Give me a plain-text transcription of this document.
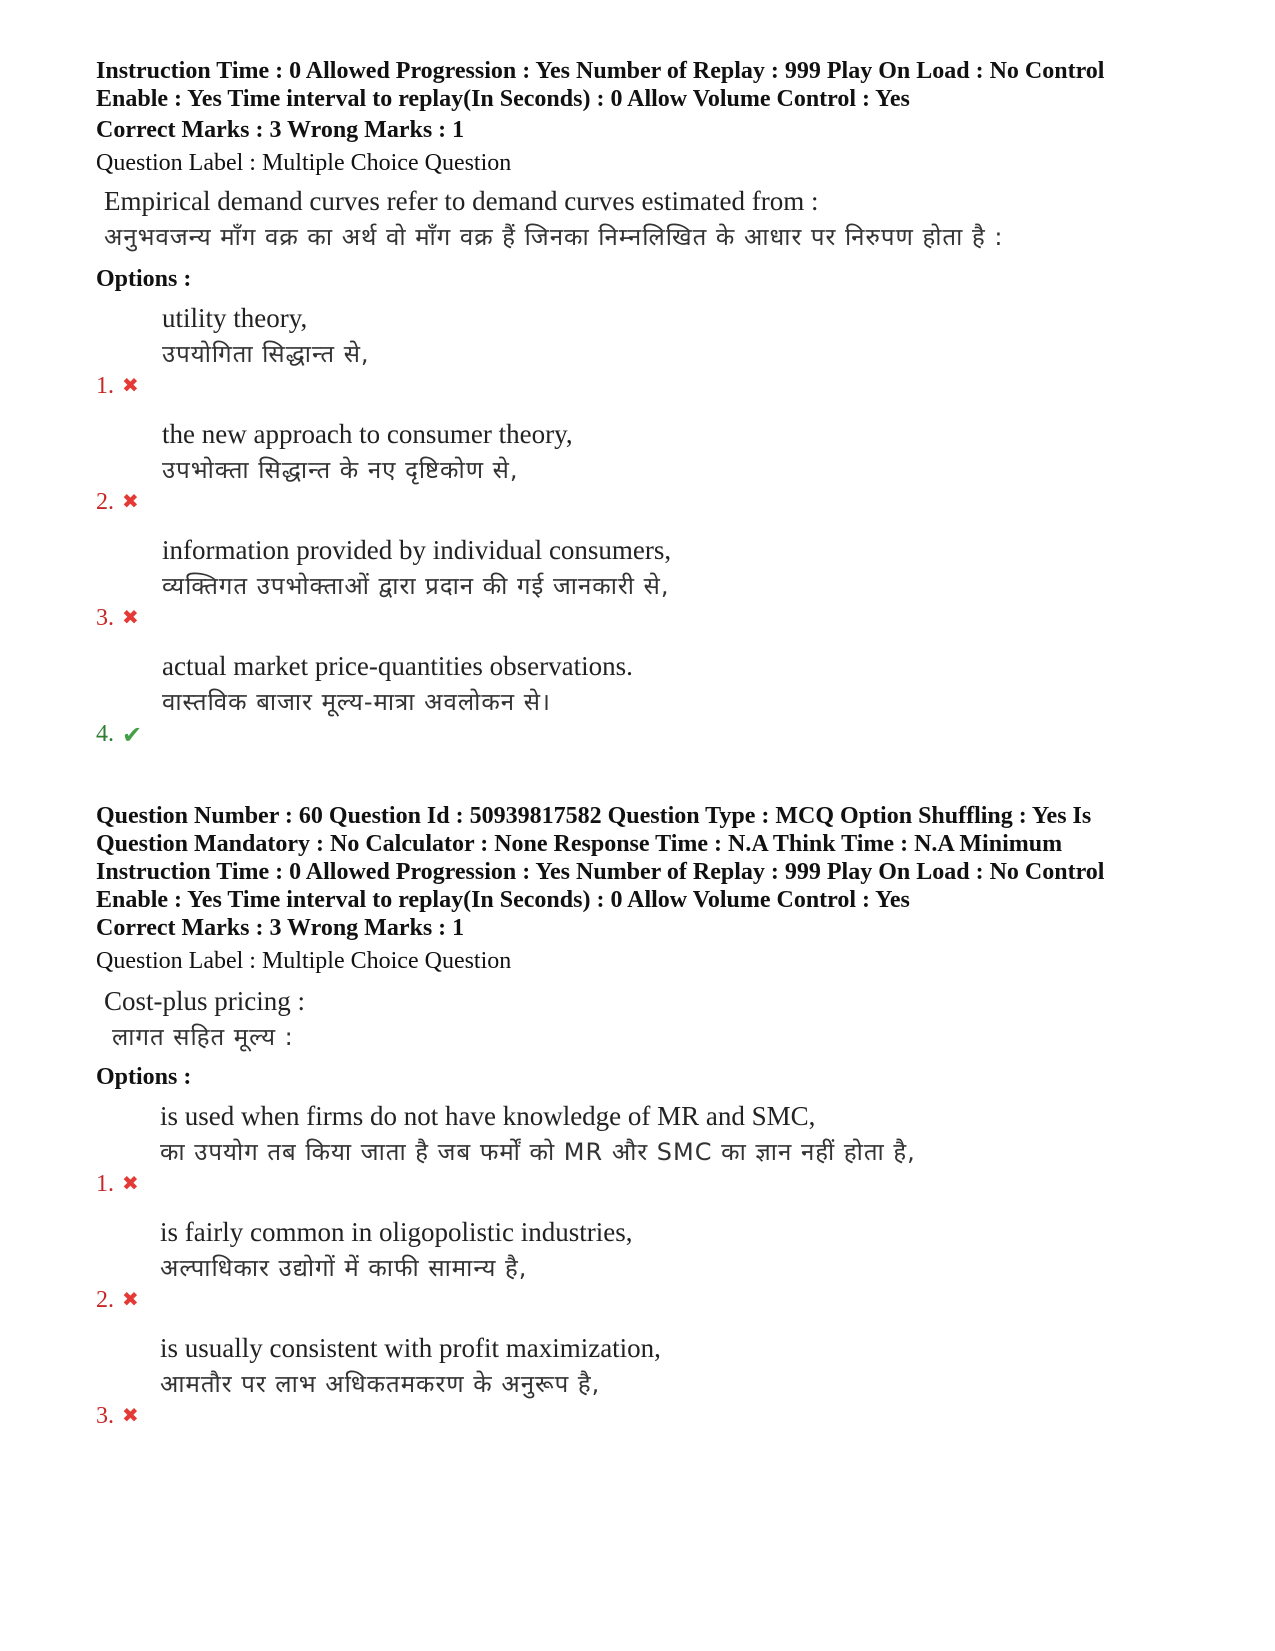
Instruction Time : 0 Allowed Progression : Yes Number of Replay : 999 Play On Load : No Control
Enable : Yes Time interval to replay(In Seconds) : 0 Allow Volume Control : Yes
Correct Marks : 3 Wrong Marks : 1
Question Label : Multiple Choice Question
Empirical demand curves refer to demand curves estimated from :
अनुभवजन्य माँग वक्र का अर्थ वो माँग वक्र हैं जिनका निम्नलिखित के आधार पर निरुपण होता है :
Options :
1. ✖
utility theory,
उपयोगिता सिद्धान्त से,
2. ✖
the new approach to consumer theory,
उपभोक्ता सिद्धान्त के नए दृष्टिकोण से,
3. ✖
information provided by individual consumers,
व्यक्तिगत उपभोक्ताओं द्वारा प्रदान की गई जानकारी से,
4. ✔
actual market price-quantities observations.
वास्तविक बाजार मूल्य-मात्रा अवलोकन से।
Question Number : 60 Question Id : 50939817582 Question Type : MCQ Option Shuffling : Yes Is
Question Mandatory : No Calculator : None Response Time : N.A Think Time : N.A Minimum
Instruction Time : 0 Allowed Progression : Yes Number of Replay : 999 Play On Load : No Control
Enable : Yes Time interval to replay(In Seconds) : 0 Allow Volume Control : Yes
Correct Marks : 3 Wrong Marks : 1
Question Label : Multiple Choice Question
Cost-plus pricing :
लागत सहित मूल्य :
Options :
1. ✖
is used when firms do not have knowledge of MR and SMC,
का उपयोग तब किया जाता है जब फर्मों को MR और SMC का ज्ञान नहीं होता है,
2. ✖
is fairly common in oligopolistic industries,
अल्पाधिकार उद्योगों में काफी सामान्य है,
3. ✖
is usually consistent with profit maximization,
आमतौर पर लाभ अधिकतमकरण के अनुरूप है,
